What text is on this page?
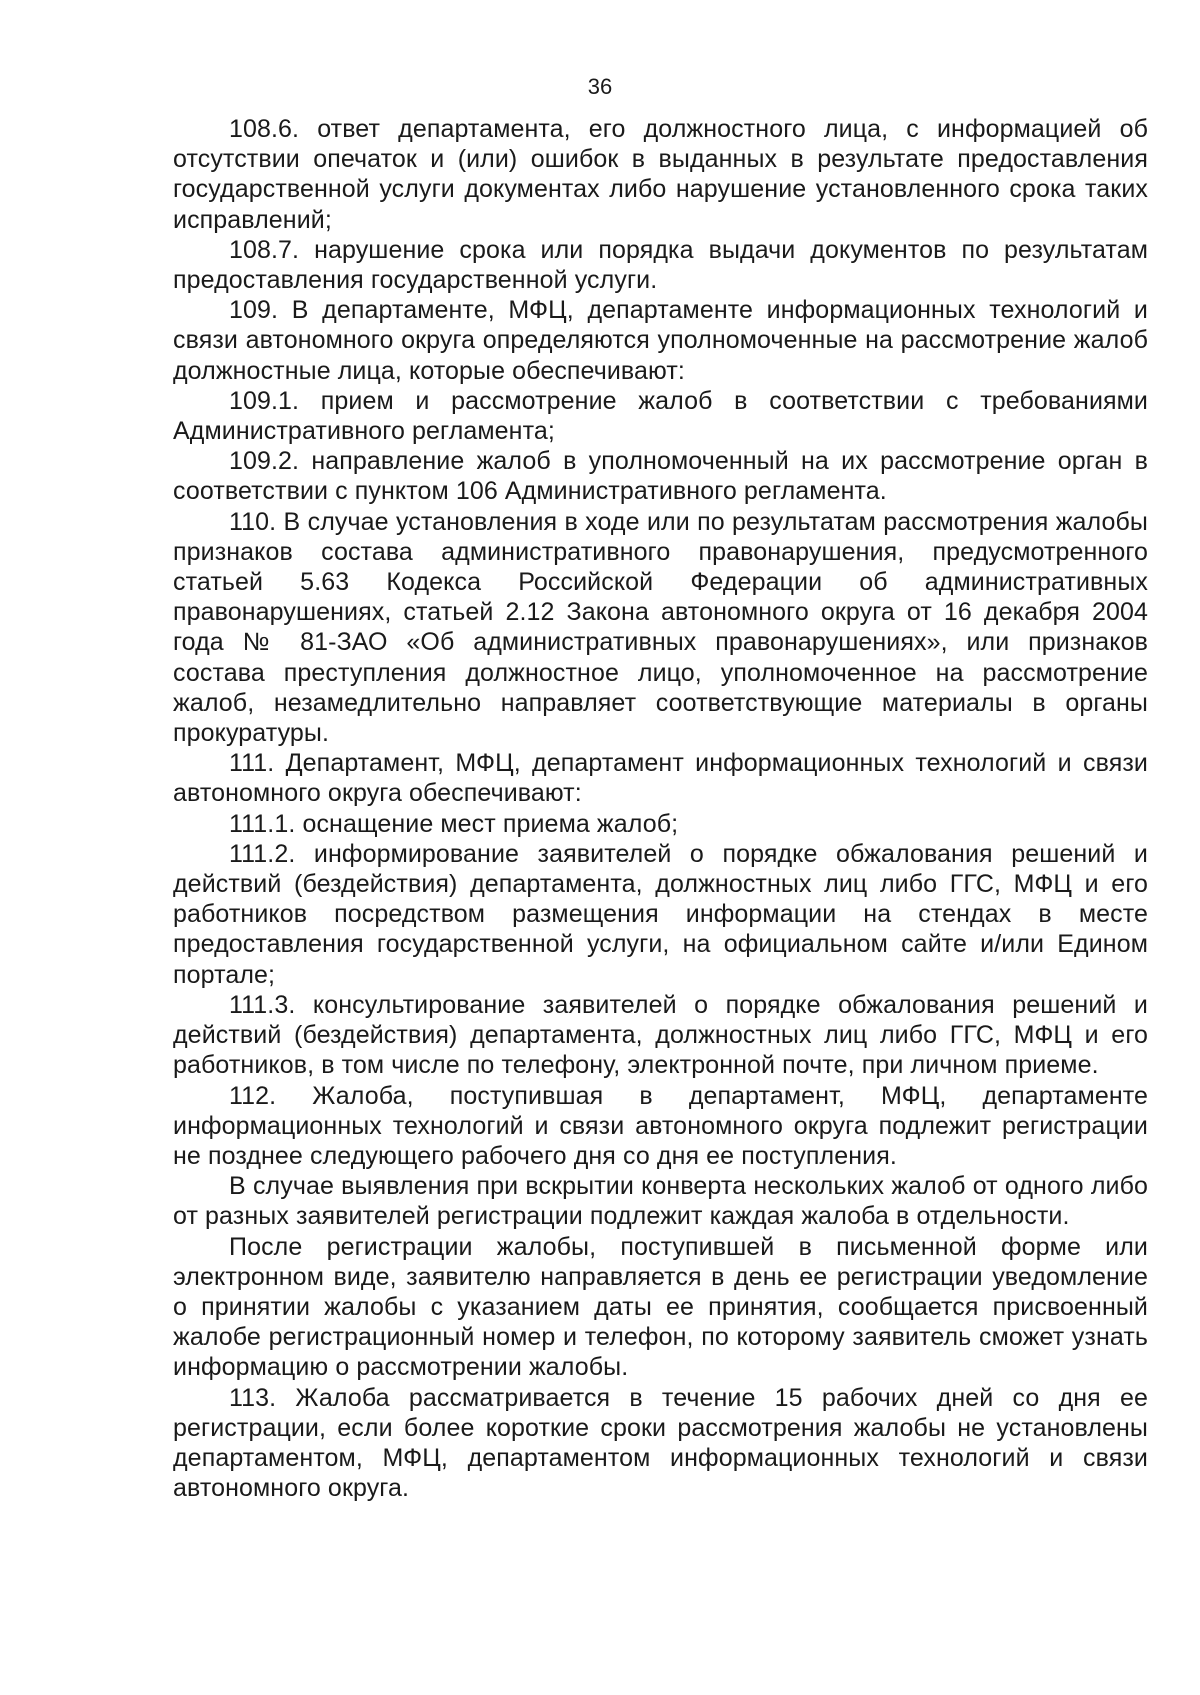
36

108.6. ответ департамента, его должностного лица, с информацией об отсутствии опечаток и (или) ошибок в выданных в результате предоставления государственной услуги документах либо нарушение установленного срока таких исправлений;

108.7. нарушение срока или порядка выдачи документов по результатам предоставления государственной услуги.

109. В департаменте, МФЦ, департаменте информационных технологий и связи автономного округа определяются уполномоченные на рассмотрение жалоб должностные лица, которые обеспечивают:

109.1. прием и рассмотрение жалоб в соответствии с требованиями Административного регламента;

109.2. направление жалоб в уполномоченный на их рассмотрение орган в соответствии с пунктом 106 Административного регламента.

110. В случае установления в ходе или по результатам рассмотрения жалобы признаков состава административного правонарушения, предусмотренного статьей 5.63 Кодекса Российской Федерации об административных правонарушениях, статьей 2.12 Закона автономного округа от 16 декабря 2004 года № 81-ЗАО «Об административных правонарушениях», или признаков состава преступления должностное лицо, уполномоченное на рассмотрение жалоб, незамедлительно направляет соответствующие материалы в органы прокуратуры.

111. Департамент, МФЦ, департамент информационных технологий и связи автономного округа обеспечивают:

111.1. оснащение мест приема жалоб;

111.2. информирование заявителей о порядке обжалования решений и действий (бездействия) департамента, должностных лиц либо ГГС, МФЦ и его работников посредством размещения информации на стендах в месте предоставления государственной услуги, на официальном сайте и/или Едином портале;

111.3. консультирование заявителей о порядке обжалования решений и действий (бездействия) департамента, должностных лиц либо ГГС, МФЦ и его работников, в том числе по телефону, электронной почте, при личном приеме.

112. Жалоба, поступившая в департамент, МФЦ, департаменте информационных технологий и связи автономного округа подлежит регистрации не позднее следующего рабочего дня со дня ее поступления.

В случае выявления при вскрытии конверта нескольких жалоб от одного либо от разных заявителей регистрации подлежит каждая жалоба в отдельности.

После регистрации жалобы, поступившей в письменной форме или электронном виде, заявителю направляется в день ее регистрации уведомление о принятии жалобы с указанием даты ее принятия, сообщается присвоенный жалобе регистрационный номер и телефон, по которому заявитель сможет узнать информацию о рассмотрении жалобы.

113. Жалоба рассматривается в течение 15 рабочих дней со дня ее регистрации, если более короткие сроки рассмотрения жалобы не установлены департаментом, МФЦ, департаментом информационных технологий и связи автономного округа.
